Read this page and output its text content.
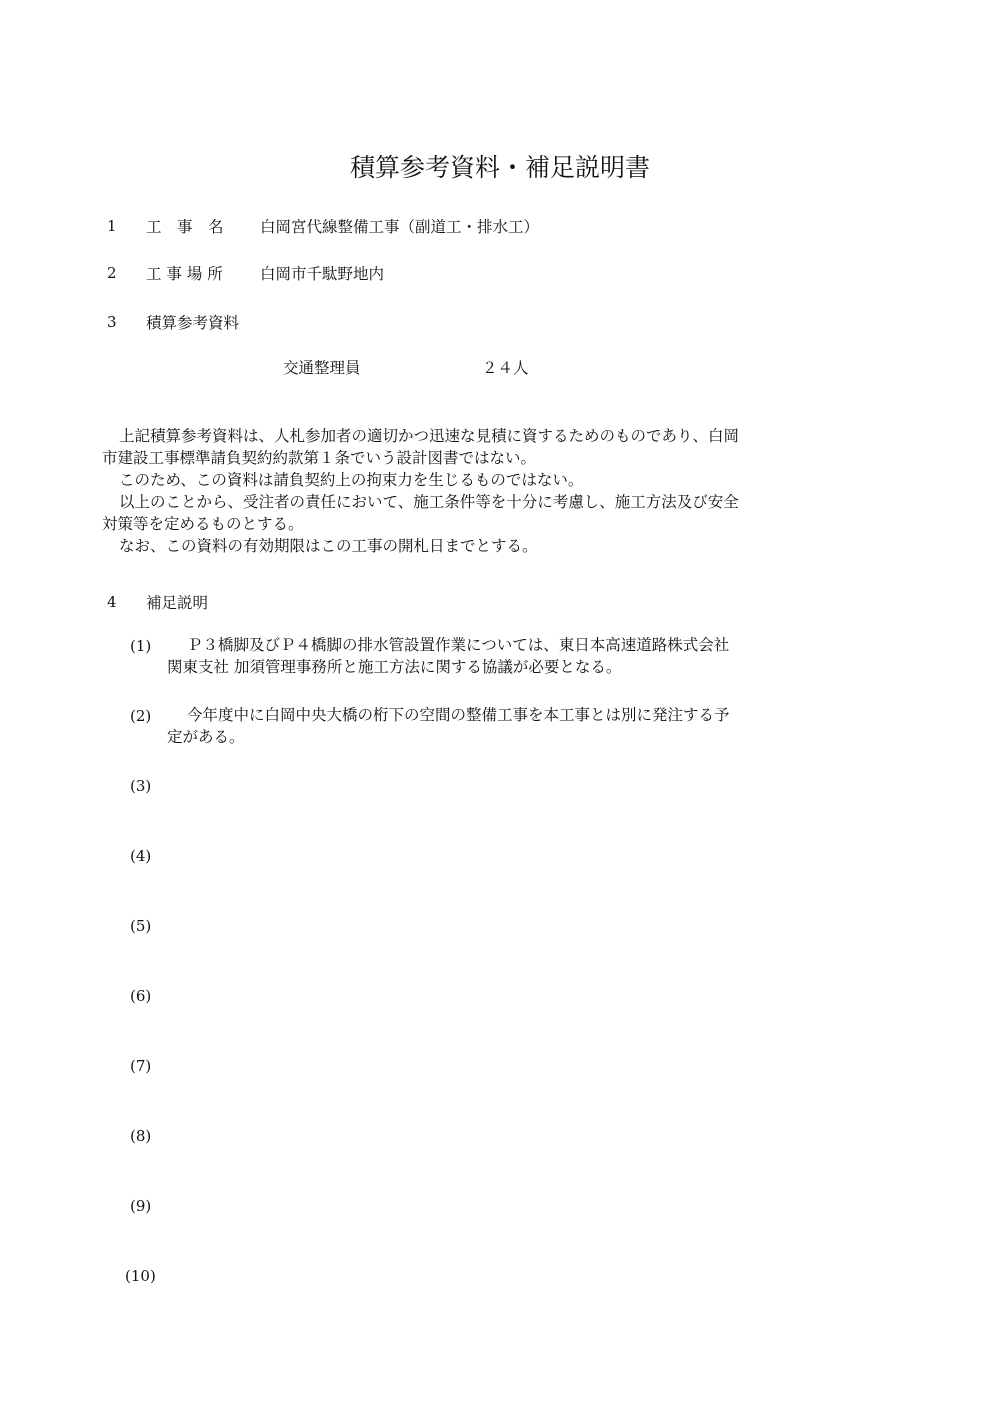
積算参考資料・補足説明書
1 工　事　名 白岡宮代線整備工事（副道工・排水工）
2 工 事 場 所 白岡市千駄野地内
3 積算参考資料
交通整理員	２４人
上記積算参考資料は、人札参加者の適切かつ迅速な見積に資するためのものであり、白岡
市建設工事標準請負契約約款第１条でいう設計図書ではない。
このため、この資料は請負契約上の拘束力を生じるものではない。
以上のことから、受注者の責任において、施工条件等を十分に考慮し、施工方法及び安全
対策等を定めるものとする。
なお、この資料の有効期限はこの工事の開札日までとする。
4 補足説明
(1)	Ｐ３橋脚及びＰ４橋脚の排水管設置作業については、東日本高速道路株式会社
関東支社 加須管理事務所と施工方法に関する協議が必要となる。
(2)	今年度中に白岡中央大橋の桁下の空間の整備工事を本工事とは別に発注する予
定がある。
(3)
(4)
(5)
(6)
(7)
(8)
(9)
(10)
